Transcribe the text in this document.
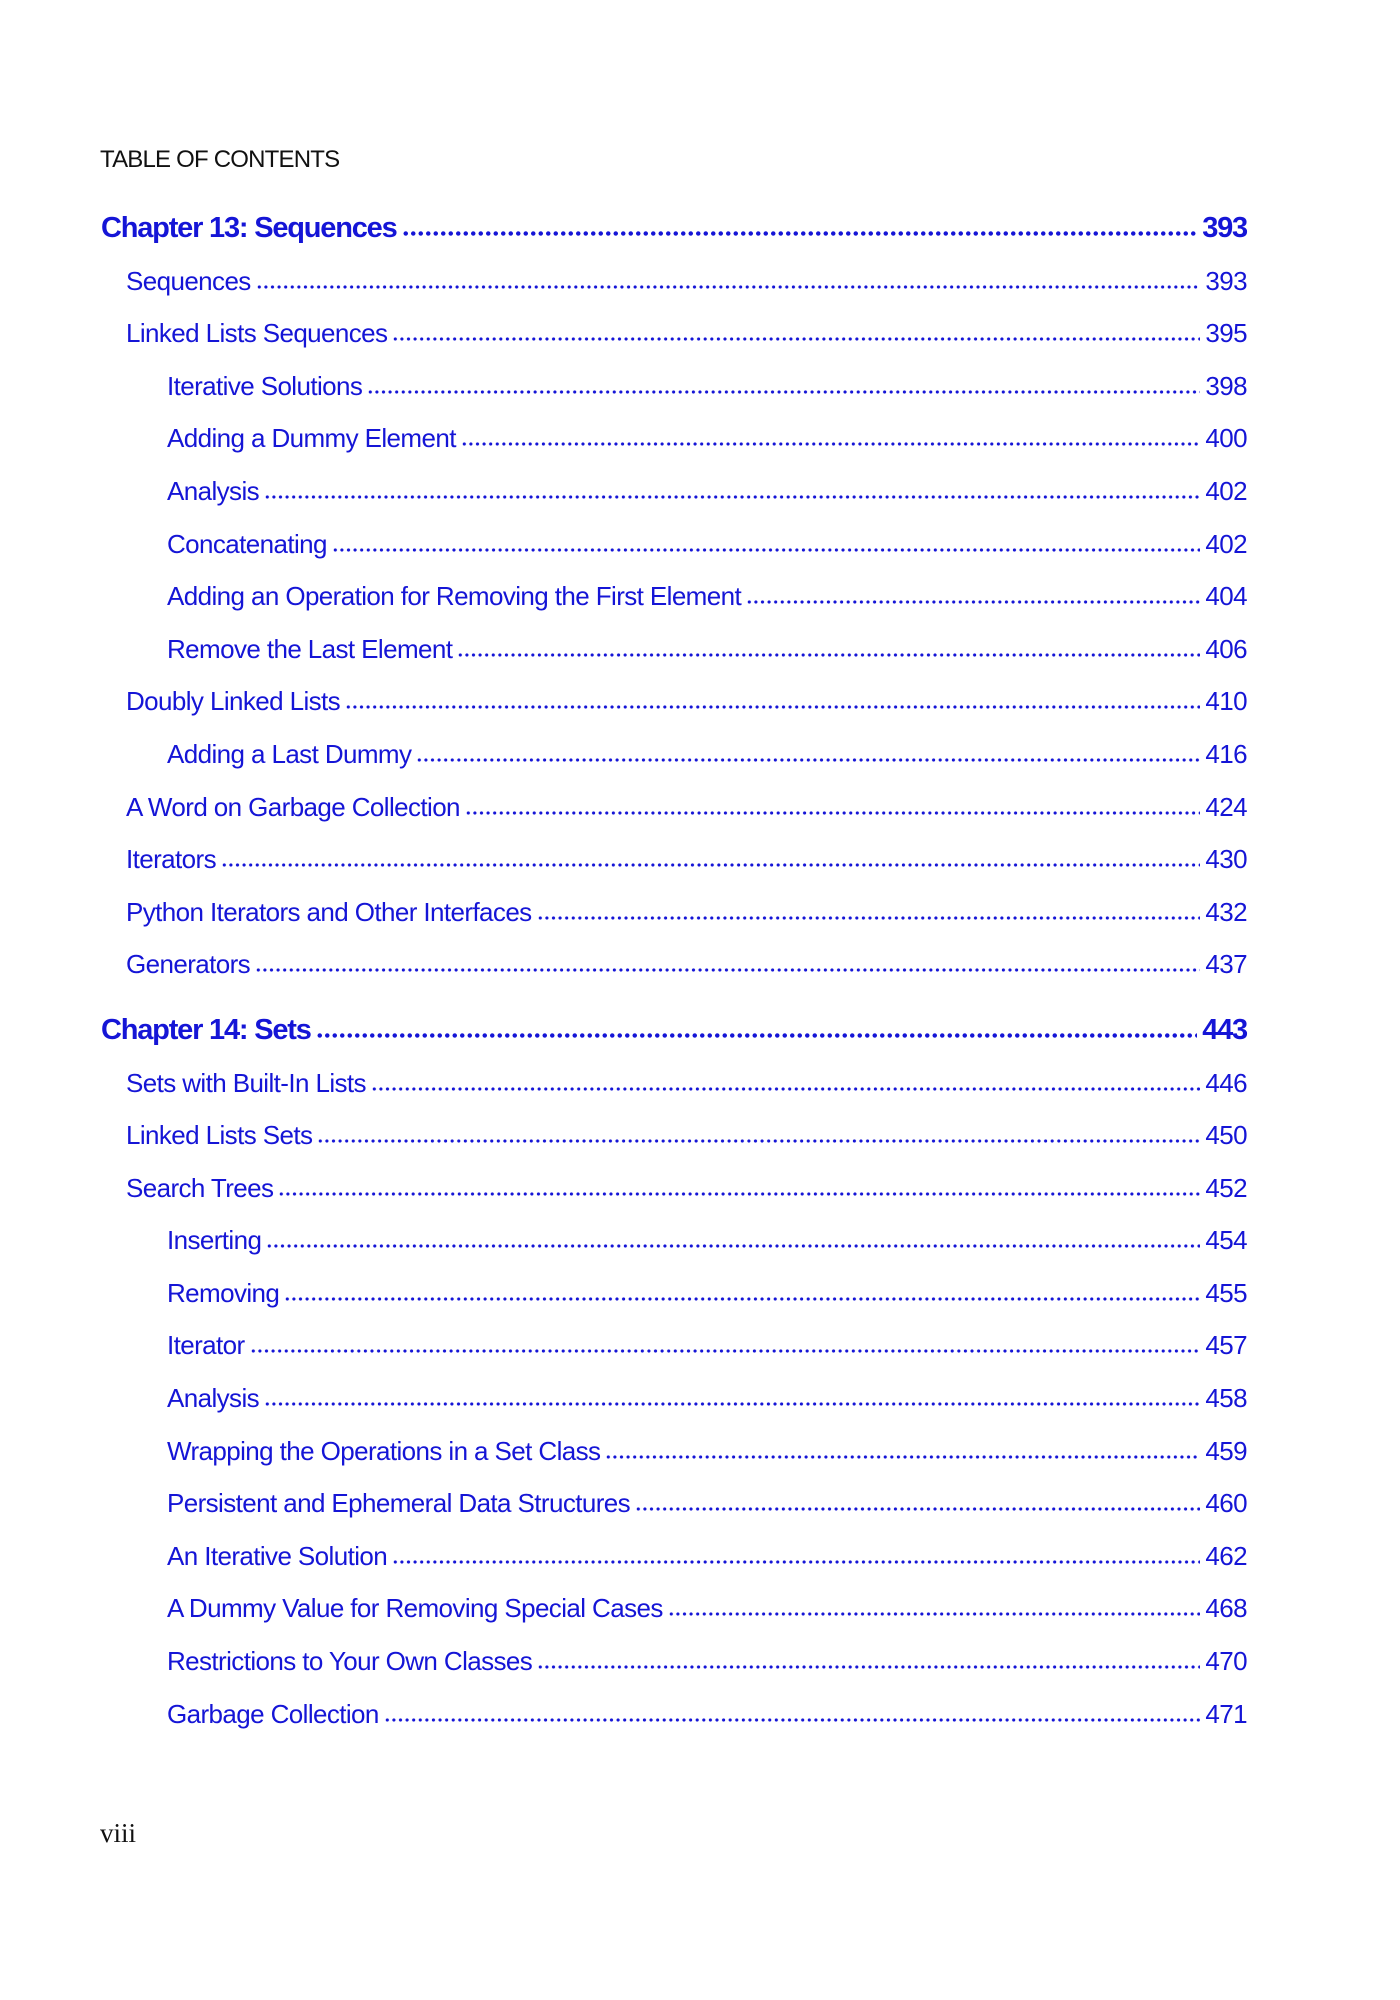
TABLE OF CONTENTS
Chapter 13: Sequences	393
Sequences	393
Linked Lists Sequences	395
Iterative Solutions	398
Adding a Dummy Element	400
Analysis	402
Concatenating	402
Adding an Operation for Removing the First Element	404
Remove the Last Element	406
Doubly Linked Lists	410
Adding a Last Dummy	416
A Word on Garbage Collection	424
Iterators	430
Python Iterators and Other Interfaces	432
Generators	437
Chapter 14: Sets	443
Sets with Built-In Lists	446
Linked Lists Sets	450
Search Trees	452
Inserting	454
Removing	455
Iterator	457
Analysis	458
Wrapping the Operations in a Set Class	459
Persistent and Ephemeral Data Structures	460
An Iterative Solution	462
A Dummy Value for Removing Special Cases	468
Restrictions to Your Own Classes	470
Garbage Collection	471
viii
